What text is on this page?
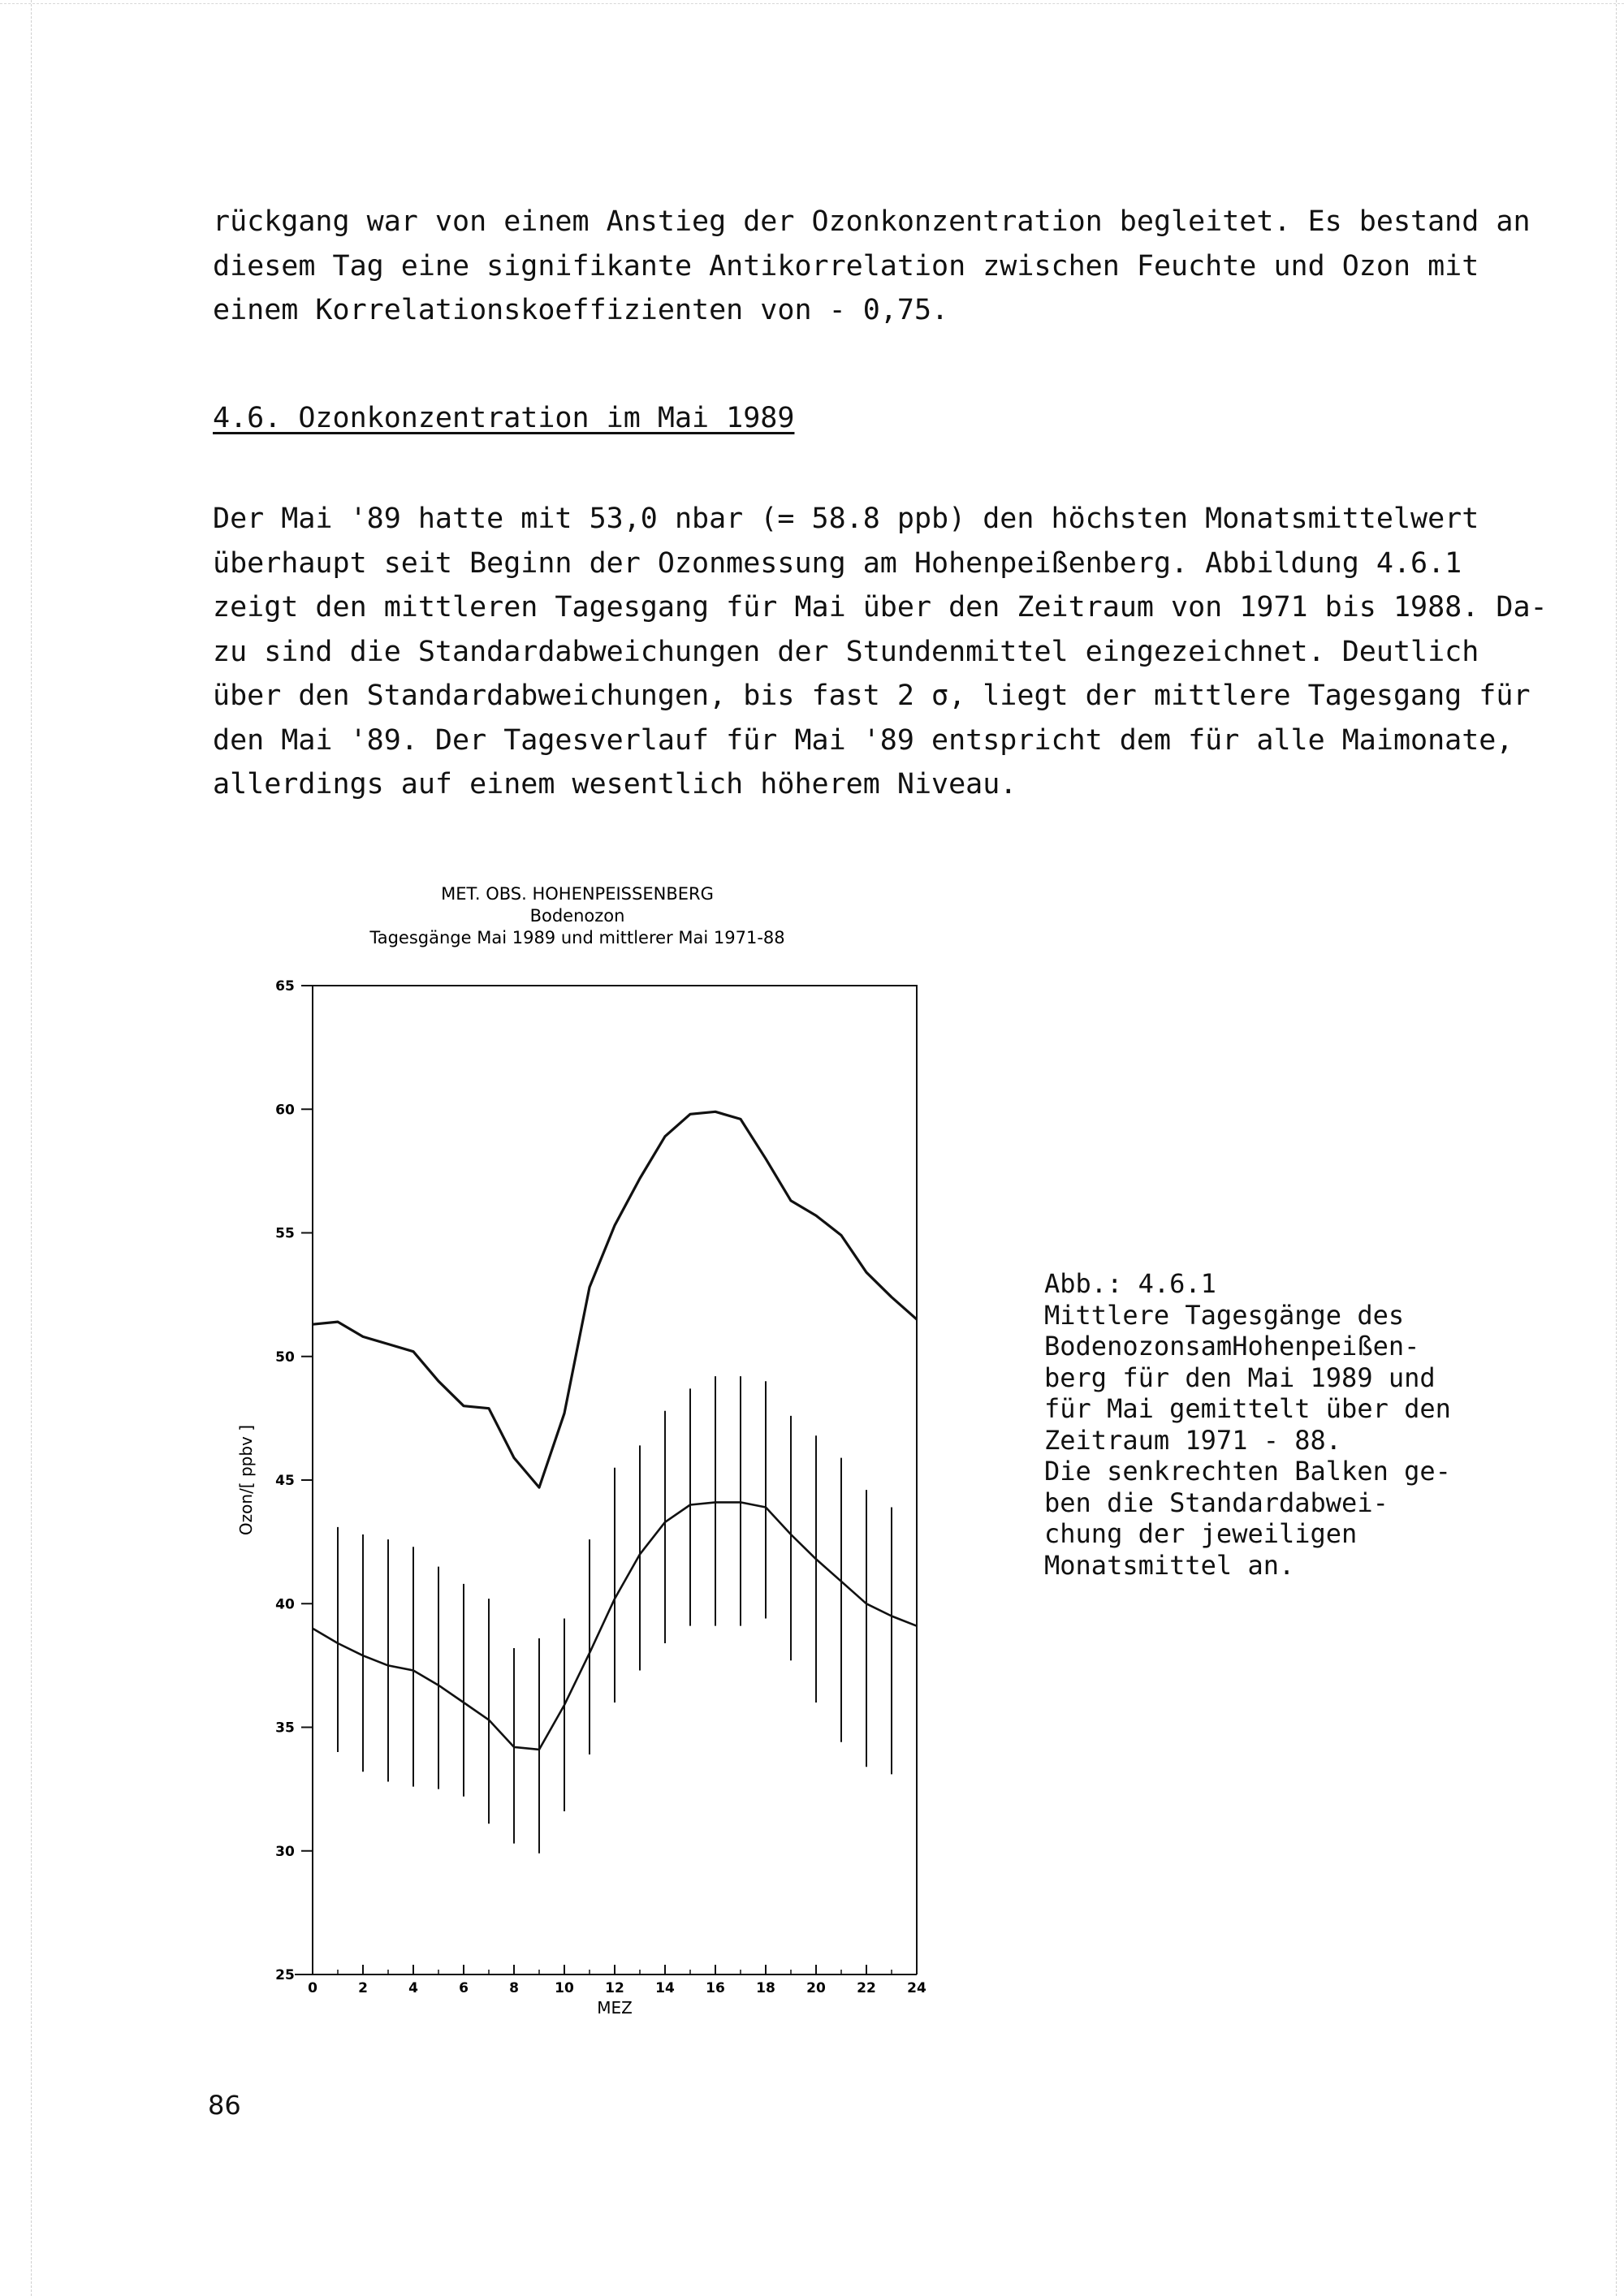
rückgang war von einem Anstieg der Ozonkonzentration begleitet. Es bestand an
diesem Tag eine signifikante Antikorrelation zwischen Feuchte und Ozon mit
einem Korrelationskoeffizienten von - 0,75.
4.6. Ozonkonzentration im Mai 1989
Der Mai '89 hatte mit 53,0 nbar (= 58.8 ppb) den höchsten Monatsmittelwert
überhaupt seit Beginn der Ozonmessung am Hohenpeißenberg. Abbildung 4.6.1
zeigt den mittleren Tagesgang für Mai über den Zeitraum von 1971 bis 1988. Da-
zu sind die Standardabweichungen der Stundenmittel eingezeichnet. Deutlich
über den Standardabweichungen, bis fast 2 σ, liegt der mittlere Tagesgang für
den Mai '89. Der Tagesverlauf für Mai '89 entspricht dem für alle Maimonate,
allerdings auf einem wesentlich höherem Niveau.
MET. OBS. HOHENPEISSENBERG
Bodenozon
Tagesgänge Mai 1989 und mittlerer Mai 1971-88
25
30
35
40
45
50
55
60
65
0	2	4	6	8	10 12 14 16 18 20 22 24
MEZ
Ozon/[ ppbv ]
Abb.: 4.6.1
Mittlere Tagesgänge des
BodenozonsamHohenpeißen-
berg für den Mai 1989 und
für Mai gemittelt über den
Zeitraum 1971 - 88.
Die senkrechten Balken ge-
ben die Standardabwei-
chung der jeweiligen
Monatsmittel an.
86
